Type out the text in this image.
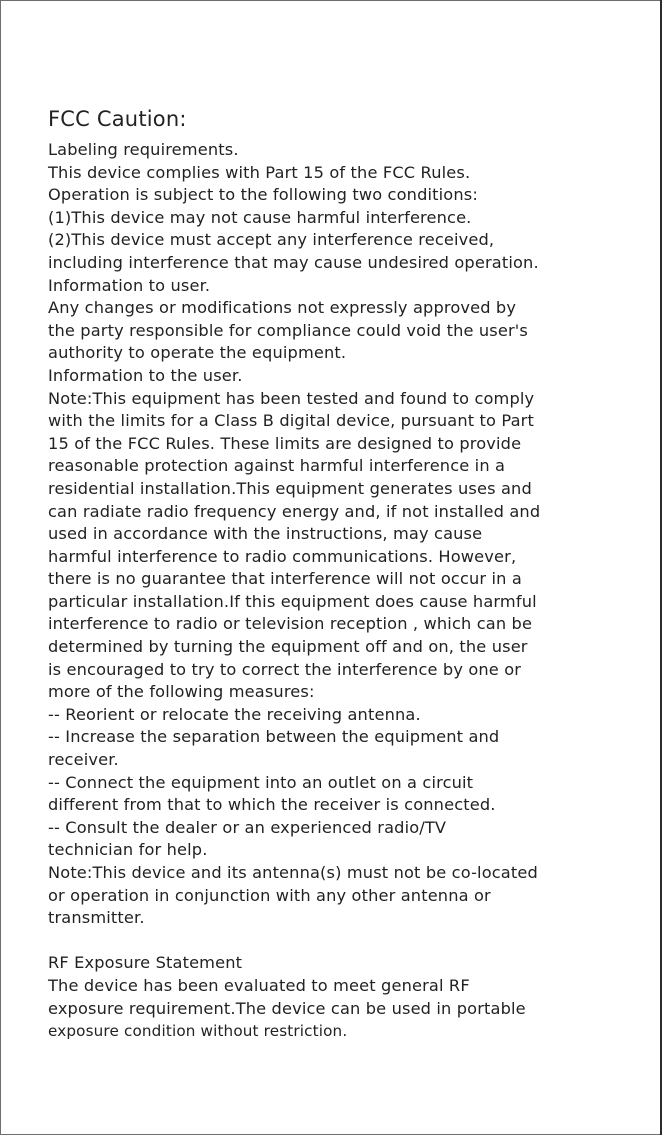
FCC Caution:
Labeling requirements.
This device complies with Part 15 of the FCC Rules.
Operation is subject to the following two conditions:
(1)This device may not cause harmful interference.
(2)This device must accept any interference received,
including interference that may cause undesired operation.
Information to user.
Any changes or modifications not expressly approved by
the party responsible for compliance could void the user's
authority to operate the equipment.
Information to the user.
Note:This equipment has been tested and found to comply
with the limits for a Class B digital device, pursuant to Part
15 of the FCC Rules. These limits are designed to provide
reasonable protection against harmful interference in a
residential installation.This equipment generates uses and
can radiate radio frequency energy and, if not installed and
used in accordance with the instructions, may cause
harmful interference to radio communications. However,
there is no guarantee that interference will not occur in a
particular installation.If this equipment does cause harmful
interference to radio or television reception , which can be
determined by turning the equipment off and on, the user
is encouraged to try to correct the interference by one or
more of the following measures:
-- Reorient or relocate the receiving antenna.
-- Increase the separation between the equipment and
receiver.
-- Connect the equipment into an outlet on a circuit
different from that to which the receiver is connected.
-- Consult the dealer or an experienced radio/TV
technician for help.
Note:This device and its antenna(s) must not be co-located
or operation in conjunction with any other antenna or
transmitter.
RF Exposure Statement
The device has been evaluated to meet general RF
exposure requirement.The device can be used in portable
exposure condition without restriction.
